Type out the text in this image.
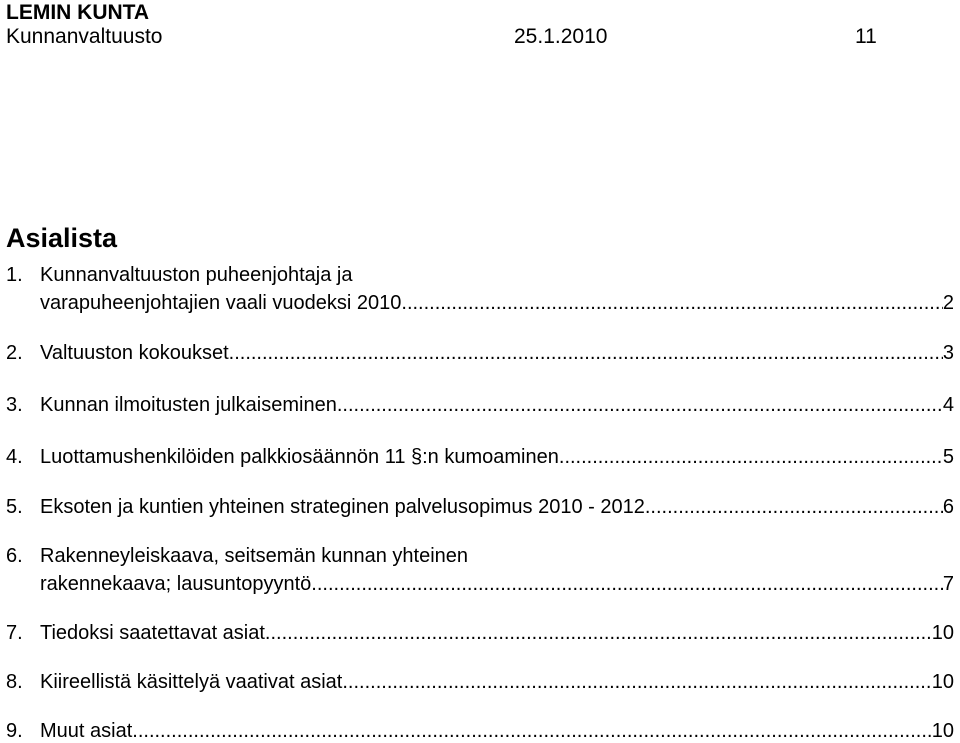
LEMIN KUNTA
Kunnanvaltuusto	25.1.2010	11
Asialista
1. Kunnanvaltuuston puheenjohtaja ja
varapuheenjohtajien vaali vuodeksi 2010. .....	2
2. Valtuuston kokoukset. .....	3
3. Kunnan ilmoitusten julkaiseminen. .....	4
4. Luottamushenkilöiden palkkiosäännön 11 §:n kumoaminen. .....	5
5. Eksoten ja kuntien yhteinen strateginen palvelusopimus 2010 - 2012. .....	6
6. Rakenneyleiskaava, seitsemän kunnan yhteinen
rakennekaava; lausuntopyyntö. .....	7
7. Tiedoksi saatettavat asiat. .....	10
8. Kiireellistä käsittelyä vaativat asiat. .....	10
9. Muut asiat. .....	10
